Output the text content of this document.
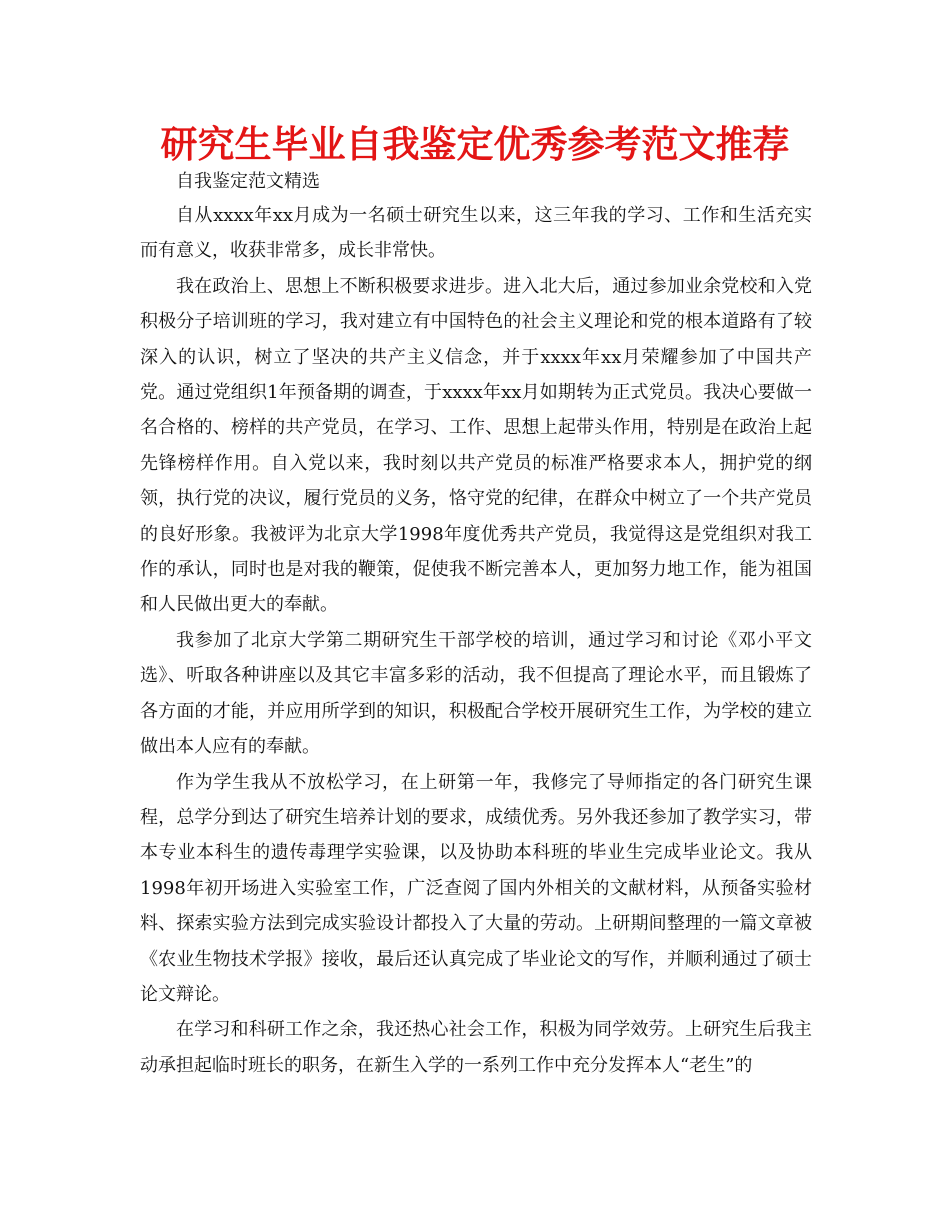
研究生毕业自我鉴定优秀参考范文推荐

自我鉴定范文精选

自从xxxx年xx月成为一名硕士研究生以来，这三年我的学习、工作和生活充实而有意义，收获非常多，成长非常快。

我在政治上、思想上不断积极要求进步。进入北大后，通过参加业余党校和入党积极分子培训班的学习，我对建立有中国特色的社会主义理论和党的根本道路有了较深入的认识，树立了坚决的共产主义信念，并于xxxx年xx月荣耀参加了中国共产党。通过党组织1年预备期的调查，于xxxx年xx月如期转为正式党员。我决心要做一名合格的、榜样的共产党员，在学习、工作、思想上起带头作用，特别是在政治上起先锋榜样作用。自入党以来，我时刻以共产党员的标准严格要求本人，拥护党的纲领，执行党的决议，履行党员的义务，恪守党的纪律，在群众中树立了一个共产党员的良好形象。我被评为北京大学1998年度优秀共产党员，我觉得这是党组织对我工作的承认，同时也是对我的鞭策，促使我不断完善本人，更加努力地工作，能为祖国和人民做出更大的奉献。

我参加了北京大学第二期研究生干部学校的培训，通过学习和讨论《邓小平文选》、听取各种讲座以及其它丰富多彩的活动，我不但提高了理论水平，而且锻炼了各方面的才能，并应用所学到的知识，积极配合学校开展研究生工作，为学校的建立做出本人应有的奉献。

作为学生我从不放松学习，在上研第一年，我修完了导师指定的各门研究生课程，总学分到达了研究生培养计划的要求，成绩优秀。另外我还参加了教学实习，带本专业本科生的遗传毒理学实验课，以及协助本科班的毕业生完成毕业论文。我从1998年初开场进入实验室工作，广泛查阅了国内外相关的文献材料，从预备实验材料、探索实验方法到完成实验设计都投入了大量的劳动。上研期间整理的一篇文章被《农业生物技术学报》接收，最后还认真完成了毕业论文的写作，并顺利通过了硕士论文辩论。

在学习和科研工作之余，我还热心社会工作，积极为同学效劳。上研究生后我主动承担起临时班长的职务，在新生入学的一系列工作中充分发挥本人“老生”的
